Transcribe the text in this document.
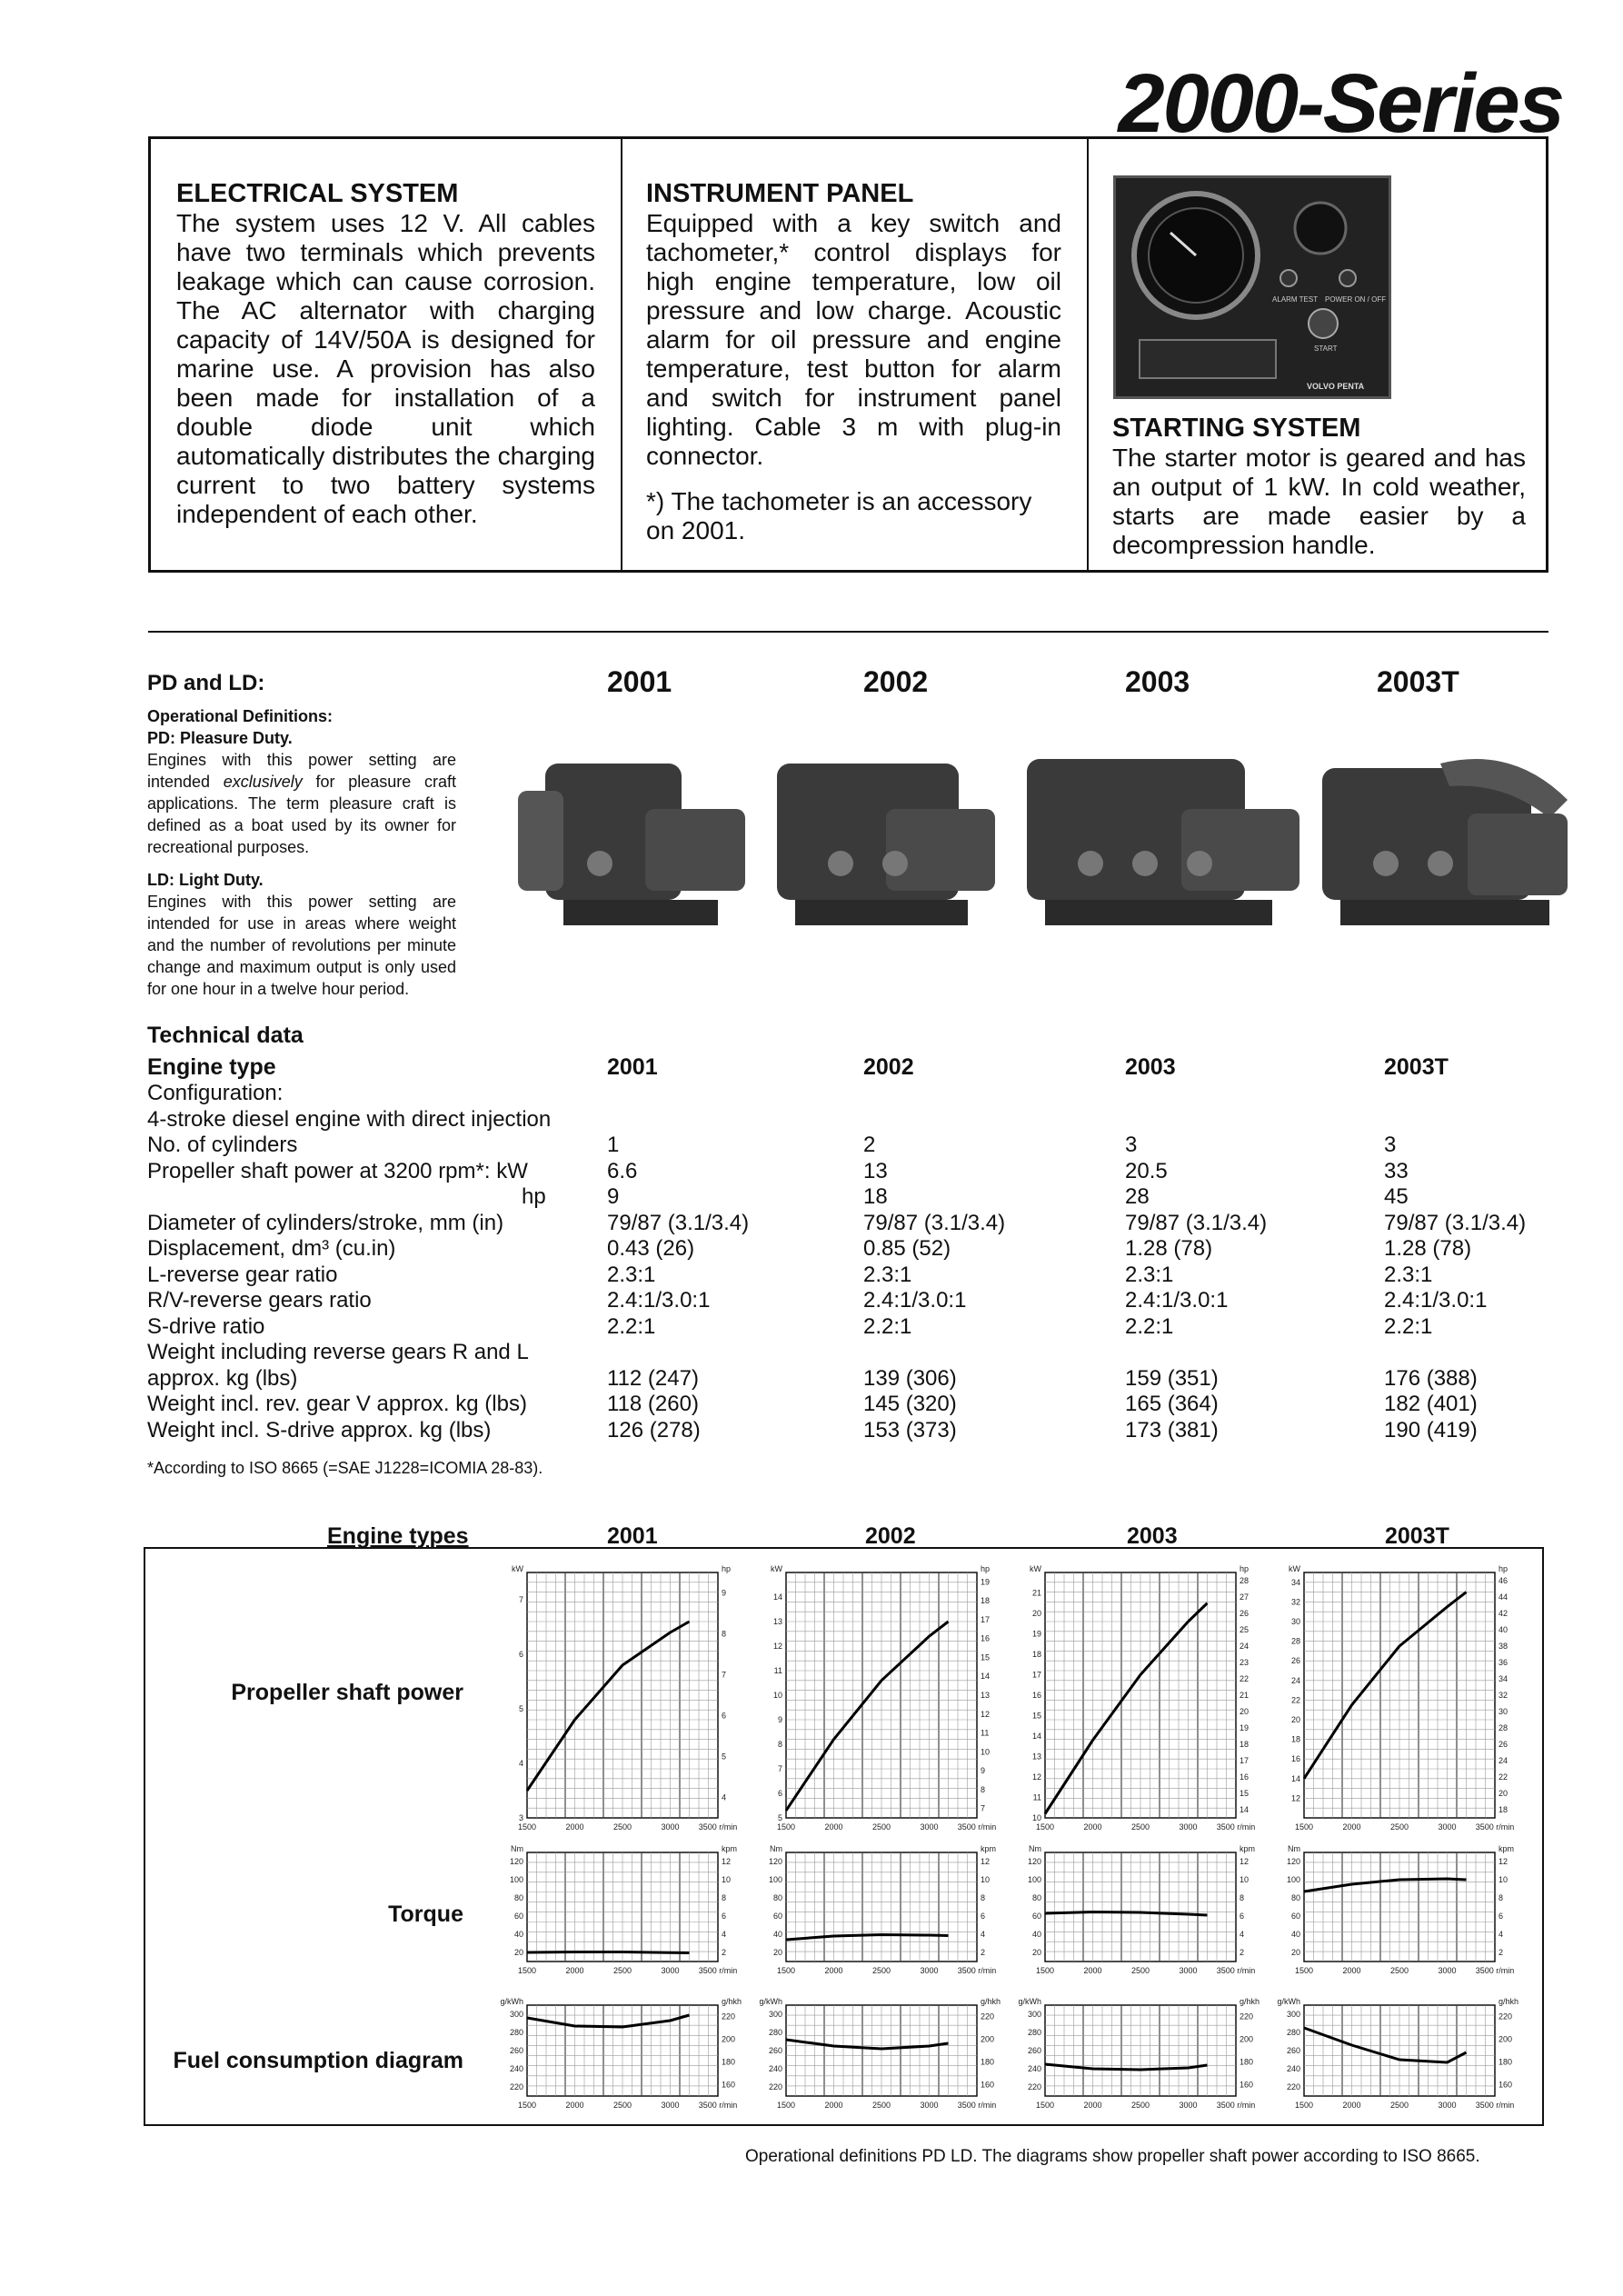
2000-Series
ELECTRICAL SYSTEM

The system uses 12 V. All cables have two terminals which prevents leakage which can cause corrosion. The AC alternator with charging capacity of 14V/50A is designed for marine use. A provision has also been made for installation of a double diode unit which automatically distributes the charging current to two battery systems independent of each other.

INSTRUMENT PANEL

Equipped with a key switch and tachometer,* control displays for high engine temperature, low oil pressure and low charge. Acoustic alarm for oil pressure and engine temperature, test button for alarm and switch for instrument panel lighting. Cable 3 m with plug-in connector.

*) The tachometer is an accessory on 2001.

ALARM TEST POWER ON / OFF
START
VOLVO PENTA
STARTING SYSTEM

The starter motor is geared and has an output of 1 kW. In cold weather, starts are made easier by a decompression handle.

PD and LD:
Operational Definitions:
PD: Pleasure Duty.
Engines with this power setting are intended exclusively for pleasure craft applications. The term pleasure craft is defined as a boat used by its owner for recreational purposes.
LD: Light Duty.
Engines with this power setting are intended for use in areas where weight and the number of revolutions per minute change and maximum output is only used for one hour in a twelve hour period.
2001	2002	2003	2003T
Technical data
Engine type	2001	2002	2003	2003T
Configuration:
4-stroke diesel engine with direct injection
No. of cylinders	1	2	3	3
Propeller shaft power at 3200 rpm*: kW	6.6	13	20.5	33
hp	9	18	28	45
Diameter of cylinders/stroke, mm (in)	79/87 (3.1/3.4)	79/87 (3.1/3.4)	79/87 (3.1/3.4)	79/87 (3.1/3.4)
Displacement, dm³ (cu.in)	0.43 (26)	0.85 (52)	1.28 (78)	1.28 (78)
L-reverse gear ratio	2.3:1	2.3:1	2.3:1	2.3:1
R/V-reverse gears ratio	2.4:1/3.0:1	2.4:1/3.0:1	2.4:1/3.0:1	2.4:1/3.0:1
S-drive ratio	2.2:1	2.2:1	2.2:1	2.2:1
Weight including reverse gears R and L
approx. kg (lbs)	112 (247)	139 (306)	159 (351)	176 (388)
Weight incl. rev. gear V approx. kg (lbs)	118 (260)	145 (320)	165 (364)	182 (401)
Weight incl. S-drive approx. kg (lbs)	126 (278)	153 (373)	173 (381)	190 (419)
*According to ISO 8665 (=SAE J1228=ICOMIA 28-83).
Engine types	2001	2002	2003	2003T
Propeller shaft power
Torque
Fuel consumption diagram
kW	hp
3
4
5
6
7
4
5
6
7
8
9
1500	2000	2500	3000 3500 r/min
kW	hp
5
6
7
8
9
10
11
12
13
14
7
8
9
10
11
12
13
14
15
16
17
18
19
1500	2000	2500	3000 3500 r/min
kW	hp
10
11
12
13
14
15
16
17
18
19
20
21
14
15
16
17
18
19
20
21
22
23
24
25
26
27
28
1500	2000	2500	3000 3500 r/min
kW	hp
12
14
16
18
20
22
24
26
28
30
32
34
18
20
22
24
26
28
30
32
34
36
38
40
42
44
46
1500	2000	2500	3000 3500 r/min
Nm	kpm
20
40
60
80
100
120
2
4
6
8
10
12
1500	2000	2500	3000 3500 r/min
Nm	kpm
20
40
60
80
100
120
2
4
6
8
10
12
1500	2000	2500	3000 3500 r/min
Nm	kpm
20
40
60
80
100
120
2
4
6
8
10
12
1500	2000	2500	3000 3500 r/min
Nm	kpm
20
40
60
80
100
120
2
4
6
8
10
12
1500	2000	2500	3000 3500 r/min
g/kWh	g/hkh
220
240
260
280
300
160
180
200
220
1500	2000	2500	3000 3500 r/min
g/kWh	g/hkh
220
240
260
280
300
160
180
200
220
1500	2000	2500	3000 3500 r/min
g/kWh	g/hkh
220
240
260
280
300
160
180
200
220
1500	2000	2500	3000 3500 r/min
g/kWh	g/hkh
220
240
260
280
300
160
180
200
220
1500	2000	2500	3000 3500 r/min
Operational definitions PD LD. The diagrams show propeller shaft power according to ISO 8665.
